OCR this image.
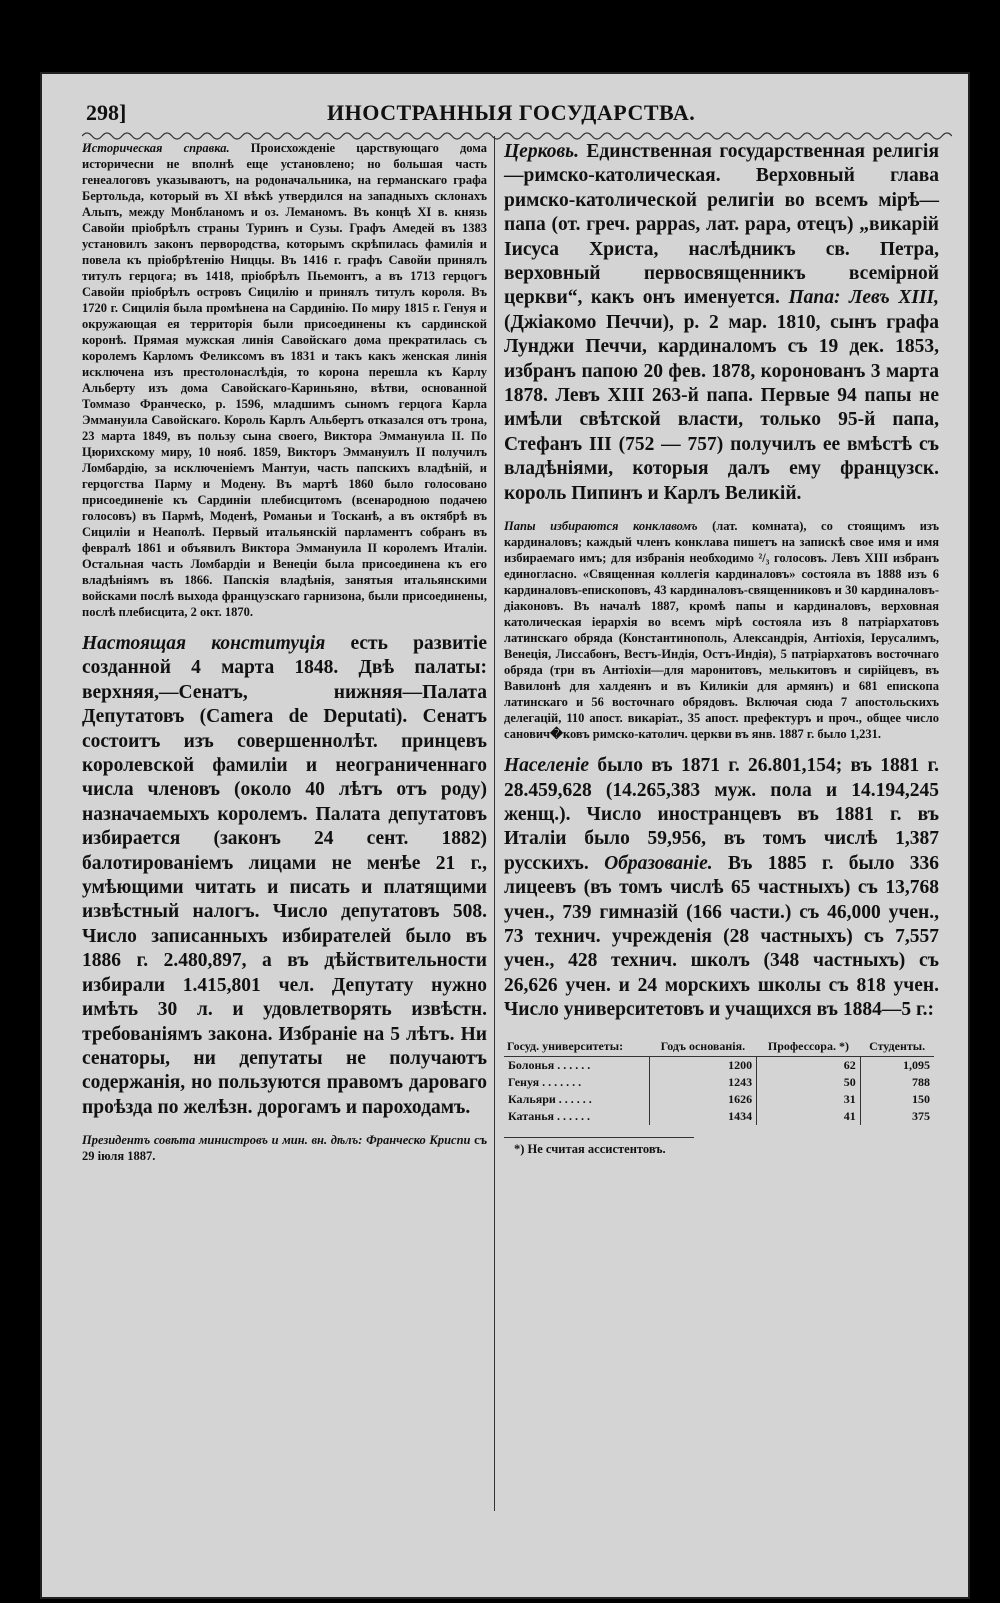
298]	ИНОСТРАННЫЯ ГОСУДАРСТВА.

Историческая справка. Происхожденіе царствующаго дома историчесни не вполнѣ еще установлено; но большая часть генеалоговъ указываютъ, на родоначальника, на германскаго графа Бертольда, который въ XI вѣкѣ утвердился на западныхъ склонахъ Альпъ, между Монбланомъ и оз. Леманомъ. Въ концѣ XI в. князь Савойи пріобрѣлъ страны Туринъ и Сузы. Графъ Амедей въ 1383 установилъ законъ первородства, которымъ скрѣпилась фамилія и повела къ пріобрѣтенію Ниццы. Въ 1416 г. графъ Савойи принялъ титулъ герцога; въ 1418, пріобрѣлъ Пьемонтъ, а въ 1713 герцогъ Савойи пріобрѣлъ островъ Сицилію и принялъ титулъ короля. Въ 1720 г. Сицилія была промѣнена на Сардинію. По миру 1815 г. Генуя и окружающая ея территорія были присоединены къ сардинской коронѣ. Прямая мужская линія Савойскаго дома прекратилась съ королемъ Карломъ Феликсомъ въ 1831 и такъ какъ женская линія исключена изъ престолонаслѣдія, то корона перешла къ Карлу Альберту изъ дома Савойскаго-Кариньяно, вѣтви, основанной Томмазо Франческо, р. 1596, младшимъ сыномъ герцога Карла Эммануила Савойскаго. Король Карлъ Альбертъ отказался отъ трона, 23 марта 1849, въ пользу сына своего, Виктора Эммануила II. По Цюрихскому миру, 10 нояб. 1859, Викторъ Эммануилъ II получилъ Ломбардію, за исключеніемъ Мантуи, часть папскихъ владѣній, и герцогства Парму и Модену. Въ мартѣ 1860 было голосовано присоединеніе къ Сардиніи плебисцитомъ (всенародною подачею голосовъ) въ Пармѣ, Моденѣ, Романьи и Тосканѣ, а въ октябрѣ въ Сициліи и Неаполѣ. Первый итальянскій парламентъ собранъ въ февралѣ 1861 и объявилъ Виктора Эммануила II королемъ Италіи. Остальная часть Ломбардіи и Венеціи была присоединена къ его владѣніямъ въ 1866. Папскія владѣнія, занятыя итальянскими войсками послѣ выхода французскаго гарнизона, были присоединены, послѣ плебисцита, 2 окт. 1870.

Настоящая конституція есть развитіе созданной 4 марта 1848. Двѣ палаты: верхняя,—Сенатъ, нижняя—Палата Депутатовъ (Camera de Deputati). Сенатъ состоитъ изъ совершеннолѣт. принцевъ королевской фамиліи и неограниченнаго числа членовъ (около 40 лѣтъ отъ роду) назначаемыхъ королемъ. Палата депутатовъ избирается (законъ 24 сент. 1882) балотированіемъ лицами не менѣе 21 г., умѣющими читать и писать и платящими извѣстный налогъ. Число депутатовъ 508. Число записанныхъ избирателей было въ 1886 г. 2.480,897, а въ дѣйствительности избирали 1.415,801 чел. Депутату нужно имѣть 30 л. и удовлетворять извѣстн. требованіямъ закона. Избраніе на 5 лѣтъ. Ни сенаторы, ни депутаты не получаютъ содержанія, но пользуются правомъ дароваго проѣзда по желѣзн. дорогамъ и пароходамъ.

Президентъ совѣта министровъ и мин. вн. дѣлъ: Франческо Криспи съ 29 іюля 1887.

Церковь. Единственная государственная религія—римско-католическая. Верховный глава римско-католической религіи во всемъ мірѣ—папа (от. греч. pappas, лат. papa, отецъ) „викарій Іисуса Христа, наслѣдникъ св. Петра, верховный первосвященникъ всемірной церкви“, какъ онъ именуется. Папа: Левъ XIII, (Джіакомо Печчи), р. 2 мар. 1810, сынъ графа Лунджи Печчи, кардиналомъ съ 19 дек. 1853, избранъ папою 20 фев. 1878, коронованъ 3 марта 1878. Левъ XIII 263-й папа. Первые 94 папы не имѣли свѣтской власти, только 95-й папа, Стефанъ III (752 — 757) получилъ ее вмѣстѣ съ владѣніями, которыя далъ ему французск. король Пипинъ и Карлъ Великій.

Папы избираются конклавомъ (лат. комната), со стоящимъ изъ кардиналовъ; каждый членъ конклава пишетъ на запискѣ свое имя и имя избираемаго имъ; для избранія необходимо ²/₃ голосовъ. Левъ XIII избранъ единогласно. «Священная коллегія кардиналовъ» состояла въ 1888 изъ 6 кардиналовъ-епископовъ, 43 кардиналовъ-священниковъ и 30 кардиналовъ-діаконовъ. Въ началѣ 1887, кромѣ папы и кардиналовъ, верховная католическая іерархія во всемъ мірѣ состояла изъ 8 патріархатовъ латинскаго обряда (Константинополь, Александрія, Антіохія, Іерусалимъ, Венеція, Лиссабонъ, Вестъ-Индія, Остъ-Индія), 5 патріархатовъ восточнаго обряда (три въ Антіохіи—для маронитовъ, мелькитовъ и сирійцевъ, въ Вавилонѣ для халдеянъ и въ Киликіи для армянъ) и 681 епископа латинскаго и 56 восточнаго обрядовъ. Включая сюда 7 апостольскихъ делегацій, 110 апост. викаріат., 35 апост. префектуръ и проч., общее число санович�ковъ римско-католич. церкви въ янв. 1887 г. было 1,231.

Населеніе было въ 1871 г. 26.801,154; въ 1881 г. 28.459,628 (14.265,383 муж. пола и 14.194,245 женщ.). Число иностранцевъ въ 1881 г. въ Италіи было 59,956, въ томъ числѣ 1,387 русскихъ. Образованіе. Въ 1885 г. было 336 лицеевъ (въ томъ числѣ 65 частныхъ) съ 13,768 учен., 739 гимназій (166 части.) съ 46,000 учен., 73 технич. учрежденія (28 частныхъ) съ 7,557 учен., 428 технич. школъ (348 частныхъ) съ 26,626 учен. и 24 морскихъ школы съ 818 учен. Число университетовъ и учащихся въ 1884—5 г.:

Госуд. университеты:	Годъ основанія.	Профессора. *)	Студенты.
Болонья . . . . . .	1200	62	1,095
Генуя . . . . . . .	1243	50	788
Кальяри . . . . . .	1626	31	150
Катанья . . . . . .	1434	41	375
*) Не считая ассистентовъ.
